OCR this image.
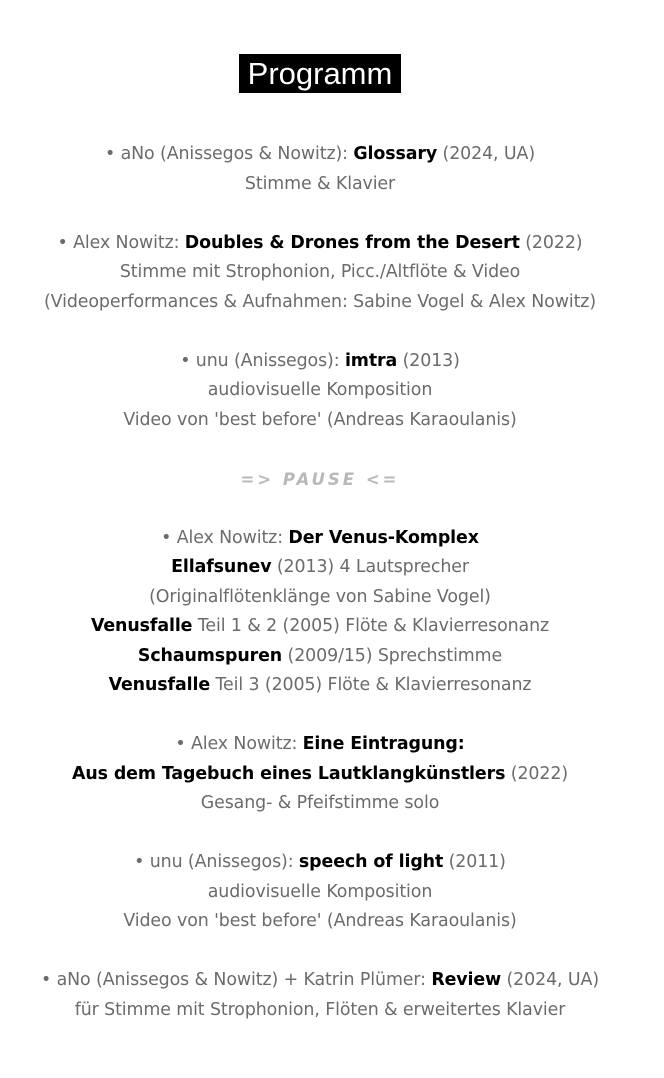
Programm
• aNo (Anissegos & Nowitz): Glossary (2024, UA)
Stimme & Klavier
• Alex Nowitz: Doubles & Drones from the Desert (2022)
Stimme mit Strophonion, Picc./Altflöte & Video
(Videoperformances & Aufnahmen: Sabine Vogel & Alex Nowitz)
• unu (Anissegos): imtra (2013)
audiovisuelle Komposition
Video von 'best before' (Andreas Karaoulanis)
=> PAUSE <=
• Alex Nowitz: Der Venus-Komplex
Ellafsunev (2013) 4 Lautsprecher
(Originalflötenklänge von Sabine Vogel)
Venusfalle Teil 1 & 2 (2005) Flöte & Klavierresonanz
Schaumspuren (2009/15) Sprechstimme
Venusfalle Teil 3 (2005) Flöte & Klavierresonanz
• Alex Nowitz: Eine Eintragung:
Aus dem Tagebuch eines Lautklangkünstlers (2022)
Gesang- & Pfeifstimme solo
• unu (Anissegos): speech of light (2011)
audiovisuelle Komposition
Video von 'best before' (Andreas Karaoulanis)
• aNo (Anissegos & Nowitz) + Katrin Plümer: Review (2024, UA)
für Stimme mit Strophonion, Flöten & erweitertes Klavier
